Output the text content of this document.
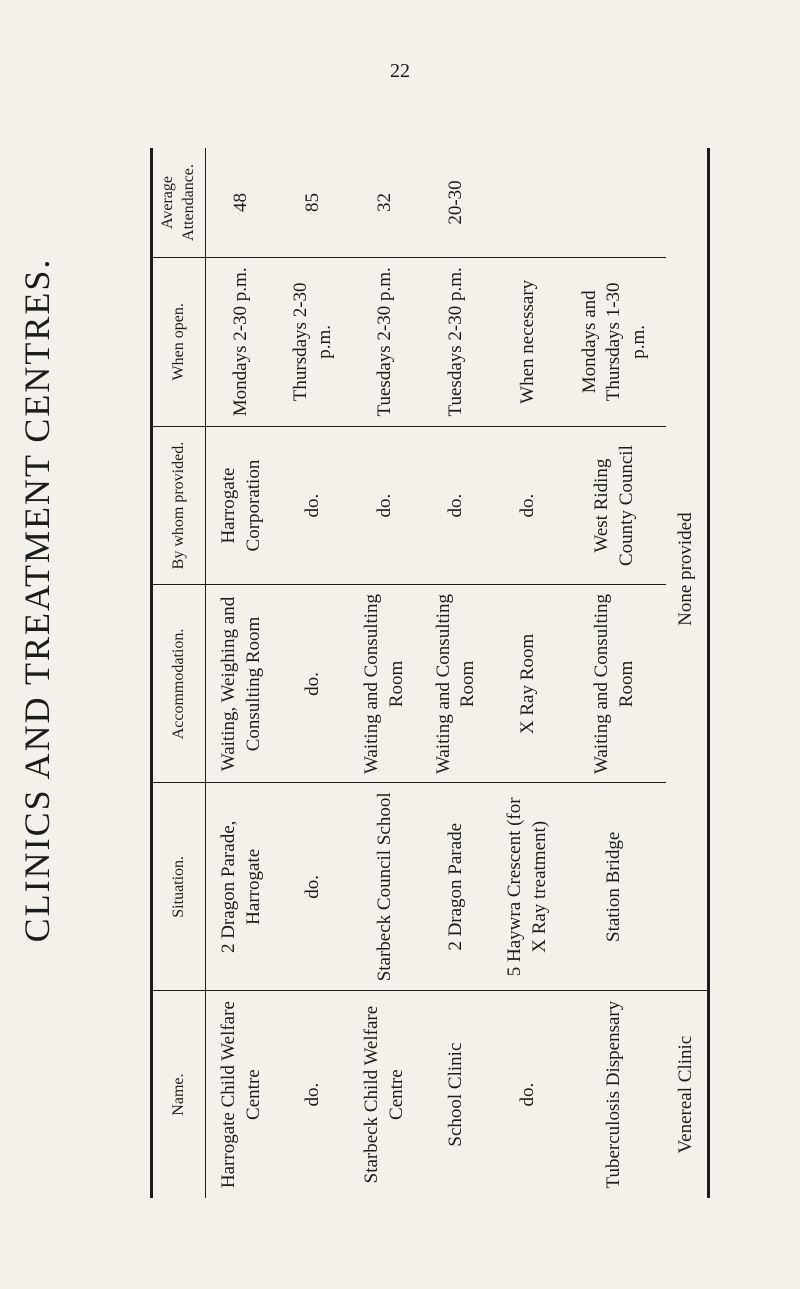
22
CLINICS AND TREATMENT CENTRES.
Name.	Situation.	Accommodation.	By whom provided.	When open.	Average Attendance.
Harrogate Child Welfare Centre	2 Dragon Parade, Harrogate	Waiting, Weighing and Consulting Room	Harrogate Corporation	Mondays 2-30 p.m.	48
do.	do.	do.	do.	Thursdays 2-30 p.m.	85
Starbeck Child Welfare Centre	Starbeck Council School	Waiting and Consulting Room	do.	Tuesdays 2-30 p.m.	32
School Clinic	2 Dragon Parade	Waiting and Consulting Room	do.	Tuesdays 2-30 p.m.	20-30
do.	5 Haywra Crescent (for X Ray treatment)	X Ray Room	do.	When necessary	
Tuberculosis Dispensary	Station Bridge	Waiting and Consulting Room	West Riding County Council	Mondays and Thursdays 1-30 p.m.	
Venereal Clinic	None provided				
